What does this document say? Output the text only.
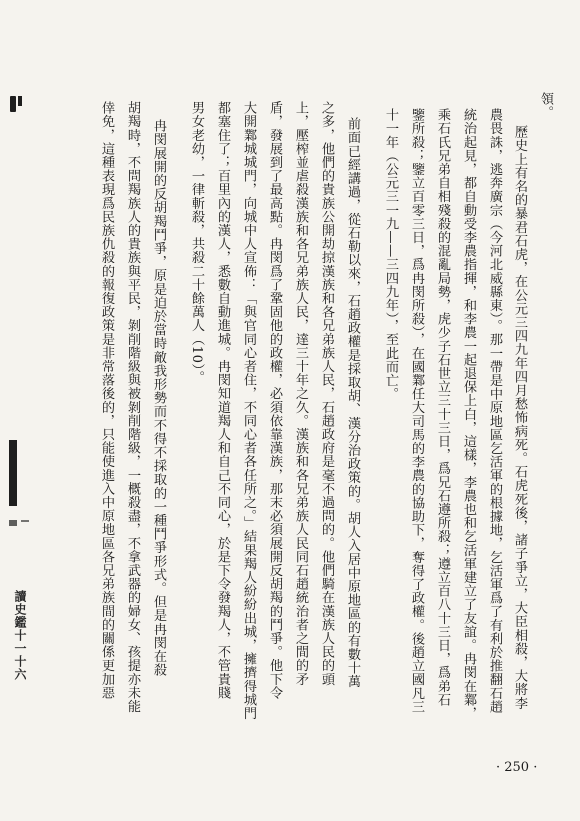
領。

歷史上有名的暴君石虎，在公元三四九年四月愁怖病死。石虎死後，諸子爭立，大臣相殺，大將李

農畏誅，逃奔廣宗（今河北威縣東）。那一帶是中原地區乞活軍的根據地，乞活軍爲了有利於推翻石趙

統治起見，都自動受李農指揮，和李農一起退保上白，這樣，李農也和乞活軍建立了友誼。冉閔在鄴，

乘石氏兄弟自相殘殺的混亂局勢，虎少子石世立三十三日，爲兄石遵所殺；遵立百八十三日，爲弟石

鑒所殺；鑒立百零三日，爲冉閔所殺），在國鄴任大司馬的李農的協助下，奪得了政權。後趙立國凡三

十一年（公元三一九——三四九年），至此而亡。

前面已經講過，從石勒以來，石趙政權是採取胡、漢分治政策的。胡人入居中原地區的有數十萬

之多，他們的貴族公開劫掠漢族和各兄弟族人民，石趙政府是毫不過問的。他們騎在漢族人民的頭

上，壓榨並虐殺漢族和各兄弟族人民，達三十年之久。漢族和各兄弟族人民同石趙統治者之間的矛

盾，發展到了最高點。冉閔爲了鞏固他的政權，必須依靠漢族，那末必須展開反胡羯的鬥爭。他下令

大開鄴城城門，向城中人宣佈：「與官同心者住，不同心者各任所之。」結果羯人紛紛出城，擁擠得城門

都塞住了；百里內的漢人，悉數自動進城。冉閔知道羯人和自己不同心，於是下令發羯人，不管貴賤

男女老幼，一律斬殺，共殺二十餘萬人（10）。

冉閔展開的反胡羯鬥爭，原是迫於當時敵我形勢而不得不採取的一種鬥爭形式。但是冉閔在殺

胡羯時，不問羯族人的貴族與平民，剝削階級與被剝削階級，一概殺盡，不拿武器的婦女、孩提亦未能

倖免，這種表現爲民族仇殺的報復政策是非常落後的，只能使進入中原地區各兄弟族間的關係更加惡

讀史鑑十一十六
· 250 ·
